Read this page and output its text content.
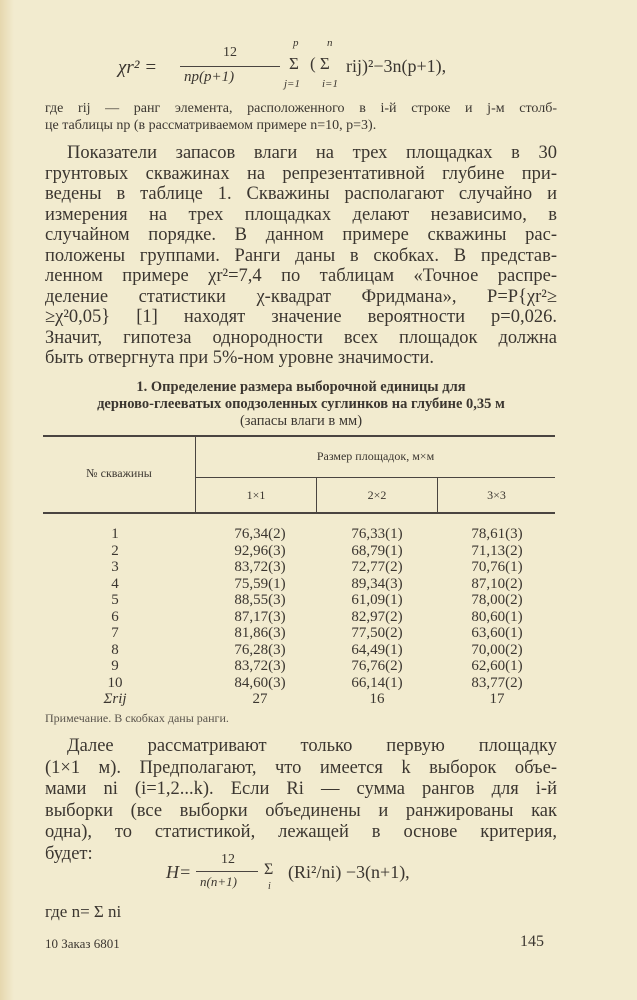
χr² =
12
np(p+1)
p
Σ
j=1
n
( Σ
i=1
rij)²−3n(p+1),
где rij — ранг элемента, расположенного в i-й строке и j-м столб-
це таблицы np (в рассматриваемом примере n=10, p=3).
Показатели запасов влаги на трех площадках в 30
грунтовых скважинах на репрезентативной глубине при-
ведены в таблице 1. Скважины располагают случайно и
измерения на трех площадках делают независимо, в
случайном порядке. В данном примере скважины рас-
положены группами. Ранги даны в скобках. В представ-
ленном примере χr²=7,4 по таблицам «Точное распре-
деление статистики χ-квадрат Фридмана», P=P{χr²≥
≥χ²0,05} [1] находят значение вероятности p=0,026.
Значит, гипотеза однородности всех площадок должна
быть отвергнута при 5%-ном уровне значимости.
1. Определение размера выборочной единицы для
дерново-глееватых оподзоленных суглинков на глубине 0,35 м
(запасы влаги в мм)
№ скважины
Размер площадок, м×м
1×1	2×2	3×3
1	76,34(2)	76,33(1)	78,61(3)
2	92,96(3)	68,79(1)	71,13(2)
3	83,72(3)	72,77(2)	70,76(1)
4	75,59(1)	89,34(3)	87,10(2)
5	88,55(3)	61,09(1)	78,00(2)
6	87,17(3)	82,97(2)	80,60(1)
7	81,86(3)	77,50(2)	63,60(1)
8	76,28(3)	64,49(1)	70,00(2)
9	83,72(3)	76,76(2)	62,60(1)
10	84,60(3)	66,14(1)	83,77(2)
Σrij	27	16	17
Примечание. В скобках даны ранги.
Далее рассматривают только первую площадку
(1×1 м). Предполагают, что имеется k выборок объе-
мами ni (i=1,2...k). Если Ri — сумма рангов для i-й
выборки (все выборки объединены и ранжированы как
одна), то статистикой, лежащей в основе критерия,
будет:
H=
12
n(n+1)
Σ
i
(Ri²/ni) −3(n+1),
где n= Σ ni
10 Заказ 6801	145
